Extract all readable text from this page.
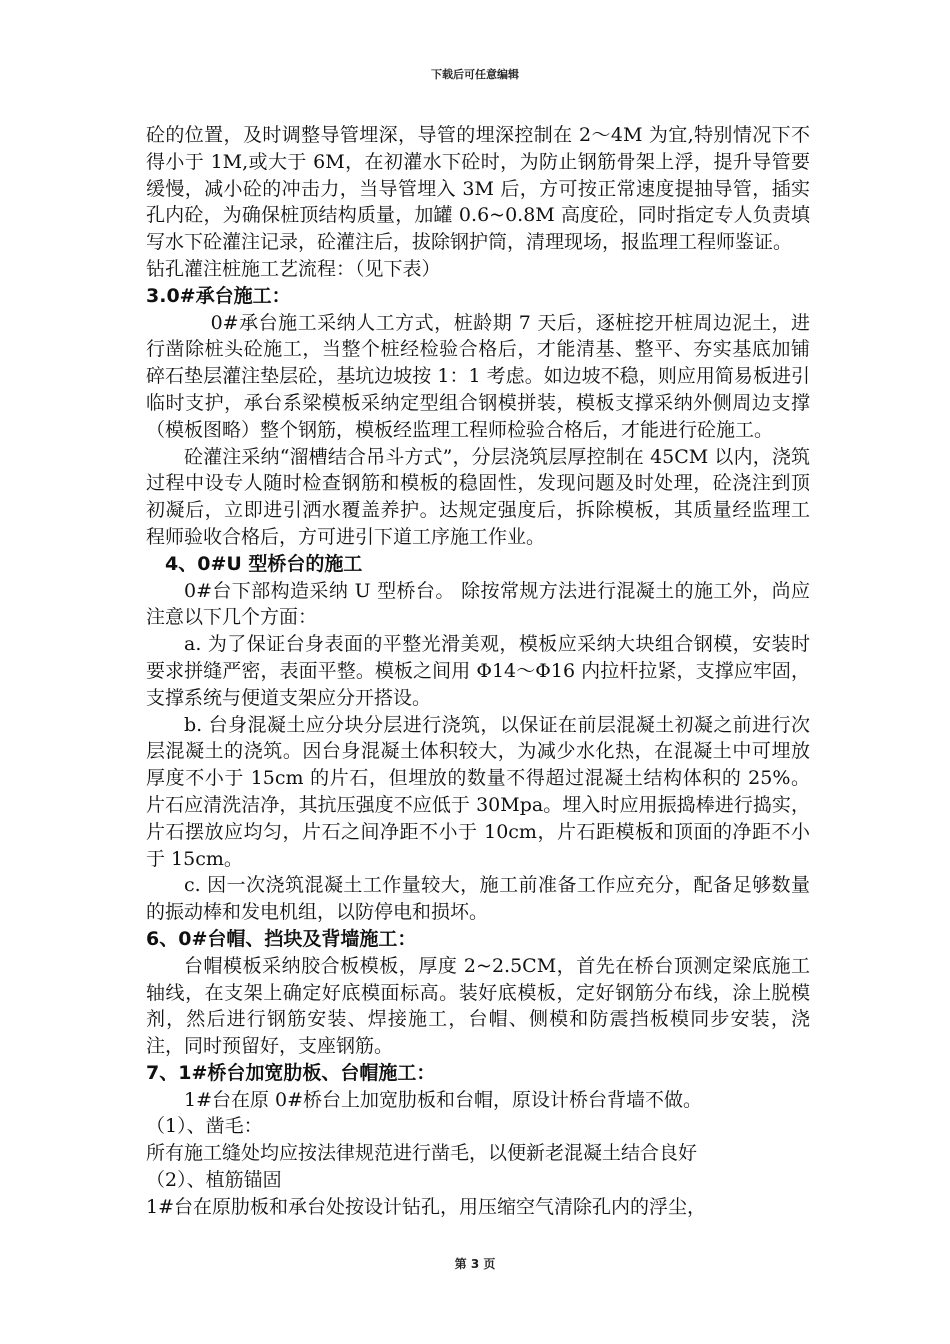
下载后可任意编辑

砼的位置，及时调整导管埋深，导管的埋深控制在 2～4M 为宜,特别情况下不得小于 1M,或大于 6M，在初灌水下砼时，为防止钢筋骨架上浮，提升导管要缓慢，减小砼的冲击力，当导管埋入 3M 后，方可按正常速度提抽导管，插实孔内砼，为确保桩顶结构质量，加罐 0.6~0.8M 高度砼，同时指定专人负责填写水下砼灌注记录，砼灌注后，拔除钢护筒，清理现场，报监理工程师鉴证。

钻孔灌注桩施工艺流程：（见下表）

3.0#承台施工：

0#承台施工采纳人工方式，桩龄期 7 天后，逐桩挖开桩周边泥土，进行凿除桩头砼施工，当整个桩经检验合格后，才能清基、整平、夯实基底加铺碎石垫层灌注垫层砼，基坑边坡按 1：1 考虑。如边坡不稳，则应用简易板进引临时支护，承台系梁模板采纳定型组合钢模拼装，模板支撑采纳外侧周边支撑（模板图略）整个钢筋，模板经监理工程师检验合格后，才能进行砼施工。

砼灌注采纳“溜槽结合吊斗方式”，分层浇筑层厚控制在 45CM 以内，浇筑过程中设专人随时检查钢筋和模板的稳固性，发现问题及时处理，砼浇注到顶初凝后，立即进引洒水覆盖养护。达规定强度后，拆除模板，其质量经监理工程师验收合格后，方可进引下道工序施工作业。

4、0#U 型桥台的施工

0#台下部构造采纳 U 型桥台。 除按常规方法进行混凝土的施工外，尚应注意以下几个方面：

a. 为了保证台身表面的平整光滑美观，模板应采纳大块组合钢模，安装时要求拼缝严密，表面平整。模板之间用 Φ14～Φ16 内拉杆拉紧，支撑应牢固，支撑系统与便道支架应分开搭设。

b. 台身混凝土应分块分层进行浇筑，以保证在前层混凝土初凝之前进行次层混凝土的浇筑。因台身混凝土体积较大，为减少水化热，在混凝土中可埋放厚度不小于 15cm 的片石，但埋放的数量不得超过混凝土结构体积的 25%。片石应清洗洁净，其抗压强度不应低于 30Mpa。埋入时应用振捣棒进行捣实，片石摆放应均匀，片石之间净距不小于 10cm，片石距模板和顶面的净距不小于 15cm。

c. 因一次浇筑混凝土工作量较大，施工前准备工作应充分，配备足够数量的振动棒和发电机组，以防停电和损坏。

6、0#台帽、挡块及背墙施工：

台帽模板采纳胶合板模板，厚度 2~2.5CM，首先在桥台顶测定梁底施工轴线，在支架上确定好底模面标高。装好底模板，定好钢筋分布线，涂上脱模剂，然后进行钢筋安装、焊接施工，台帽、侧模和防震挡板模同步安装，浇注，同时预留好，支座钢筋。

7、1#桥台加宽肋板、台帽施工：

1#台在原 0#桥台上加宽肋板和台帽，原设计桥台背墙不做。

（1）、凿毛：

所有施工缝处均应按法律规范进行凿毛，以便新老混凝土结合良好

（2）、植筋锚固

1#台在原肋板和承台处按设计钻孔，用压缩空气清除孔内的浮尘，

第 3 页
